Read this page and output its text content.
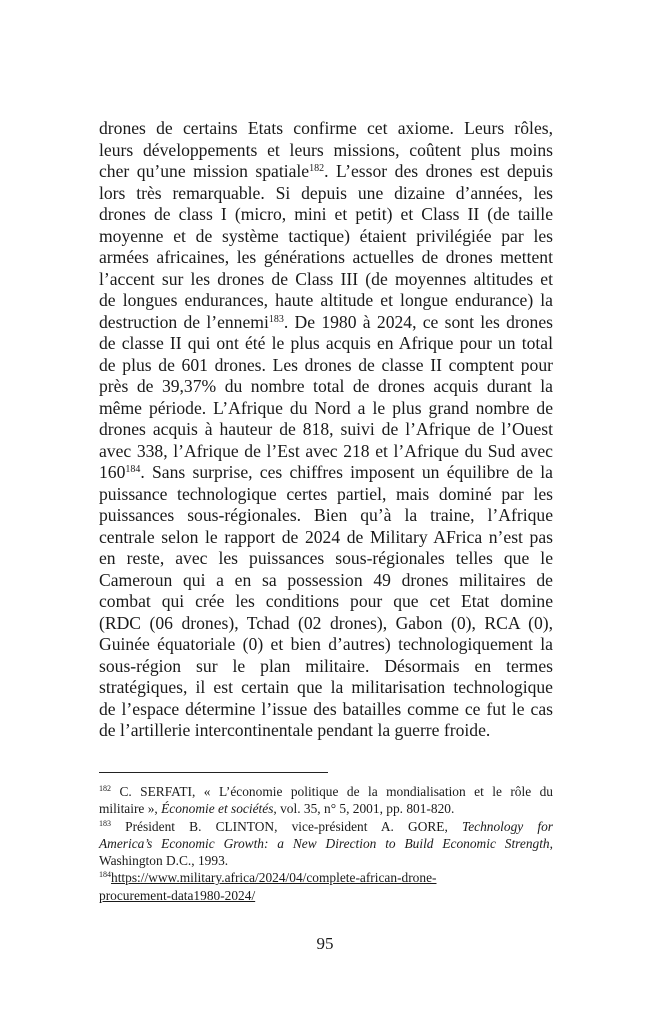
drones de certains Etats confirme cet axiome. Leurs rôles,
leurs développements et leurs missions, coûtent plus moins
cher qu’une mission spatiale$^{182}$. L’essor des drones est depuis
lors très remarquable. Si depuis une dizaine d’années, les
drones de class I (micro, mini et petit) et Class II (de taille
moyenne et de système tactique) étaient privilégiée par les
armées africaines, les générations actuelles de drones mettent
l’accent sur les drones de Class III (de moyennes altitudes et
de longues endurances, haute altitude et longue endurance) la
destruction de l’ennemi$^{183}$. De 1980 à 2024, ce sont les drones
de classe II qui ont été le plus acquis en Afrique pour un total
de plus de 601 drones. Les drones de classe II comptent pour
près de 39,37% du nombre total de drones acquis durant la
même période. L’Afrique du Nord a le plus grand nombre de
drones acquis à hauteur de 818, suivi de l’Afrique de l’Ouest
avec 338, l’Afrique de l’Est avec 218 et l’Afrique du Sud avec
$160^{184}$. Sans surprise, ces chiffres imposent un équilibre de la
puissance technologique certes partiel, mais dominé par les
puissances sous-régionales. Bien qu’à la traine, l’Afrique
centrale selon le rapport de 2024 de Military AFrica n’est pas
en reste, avec les puissances sous-régionales telles que le
Cameroun qui a en sa possession 49 drones militaires de
combat qui crée les conditions pour que cet Etat domine
(RDC (06 drones), Tchad (02 drones), Gabon (0), RCA (0),
Guinée équatoriale (0) et bien d’autres) technologiquement la
sous-région sur le plan militaire. Désormais en termes
stratégiques, il est certain que la militarisation technologique
de l’espace détermine l’issue des batailles comme ce fut le cas
de l’artillerie intercontinentale pendant la guerre froide.

$^{182}$ C. SERFATI, « L’économie politique de la mondialisation et le rôle du
militaire », Économie et sociétés, vol. 35, n° 5, 2001, pp. 801-820.

$^{183}$ Président B. CLINTON, vice-président A. GORE, Technology for
America’s Economic Growth: a New Direction to Build Economic Strength,
Washington D.C., 1993.

$^{184}$https://www.military.africa/2024/04/complete-african-drone-
procurement-data1980-2024/

95
